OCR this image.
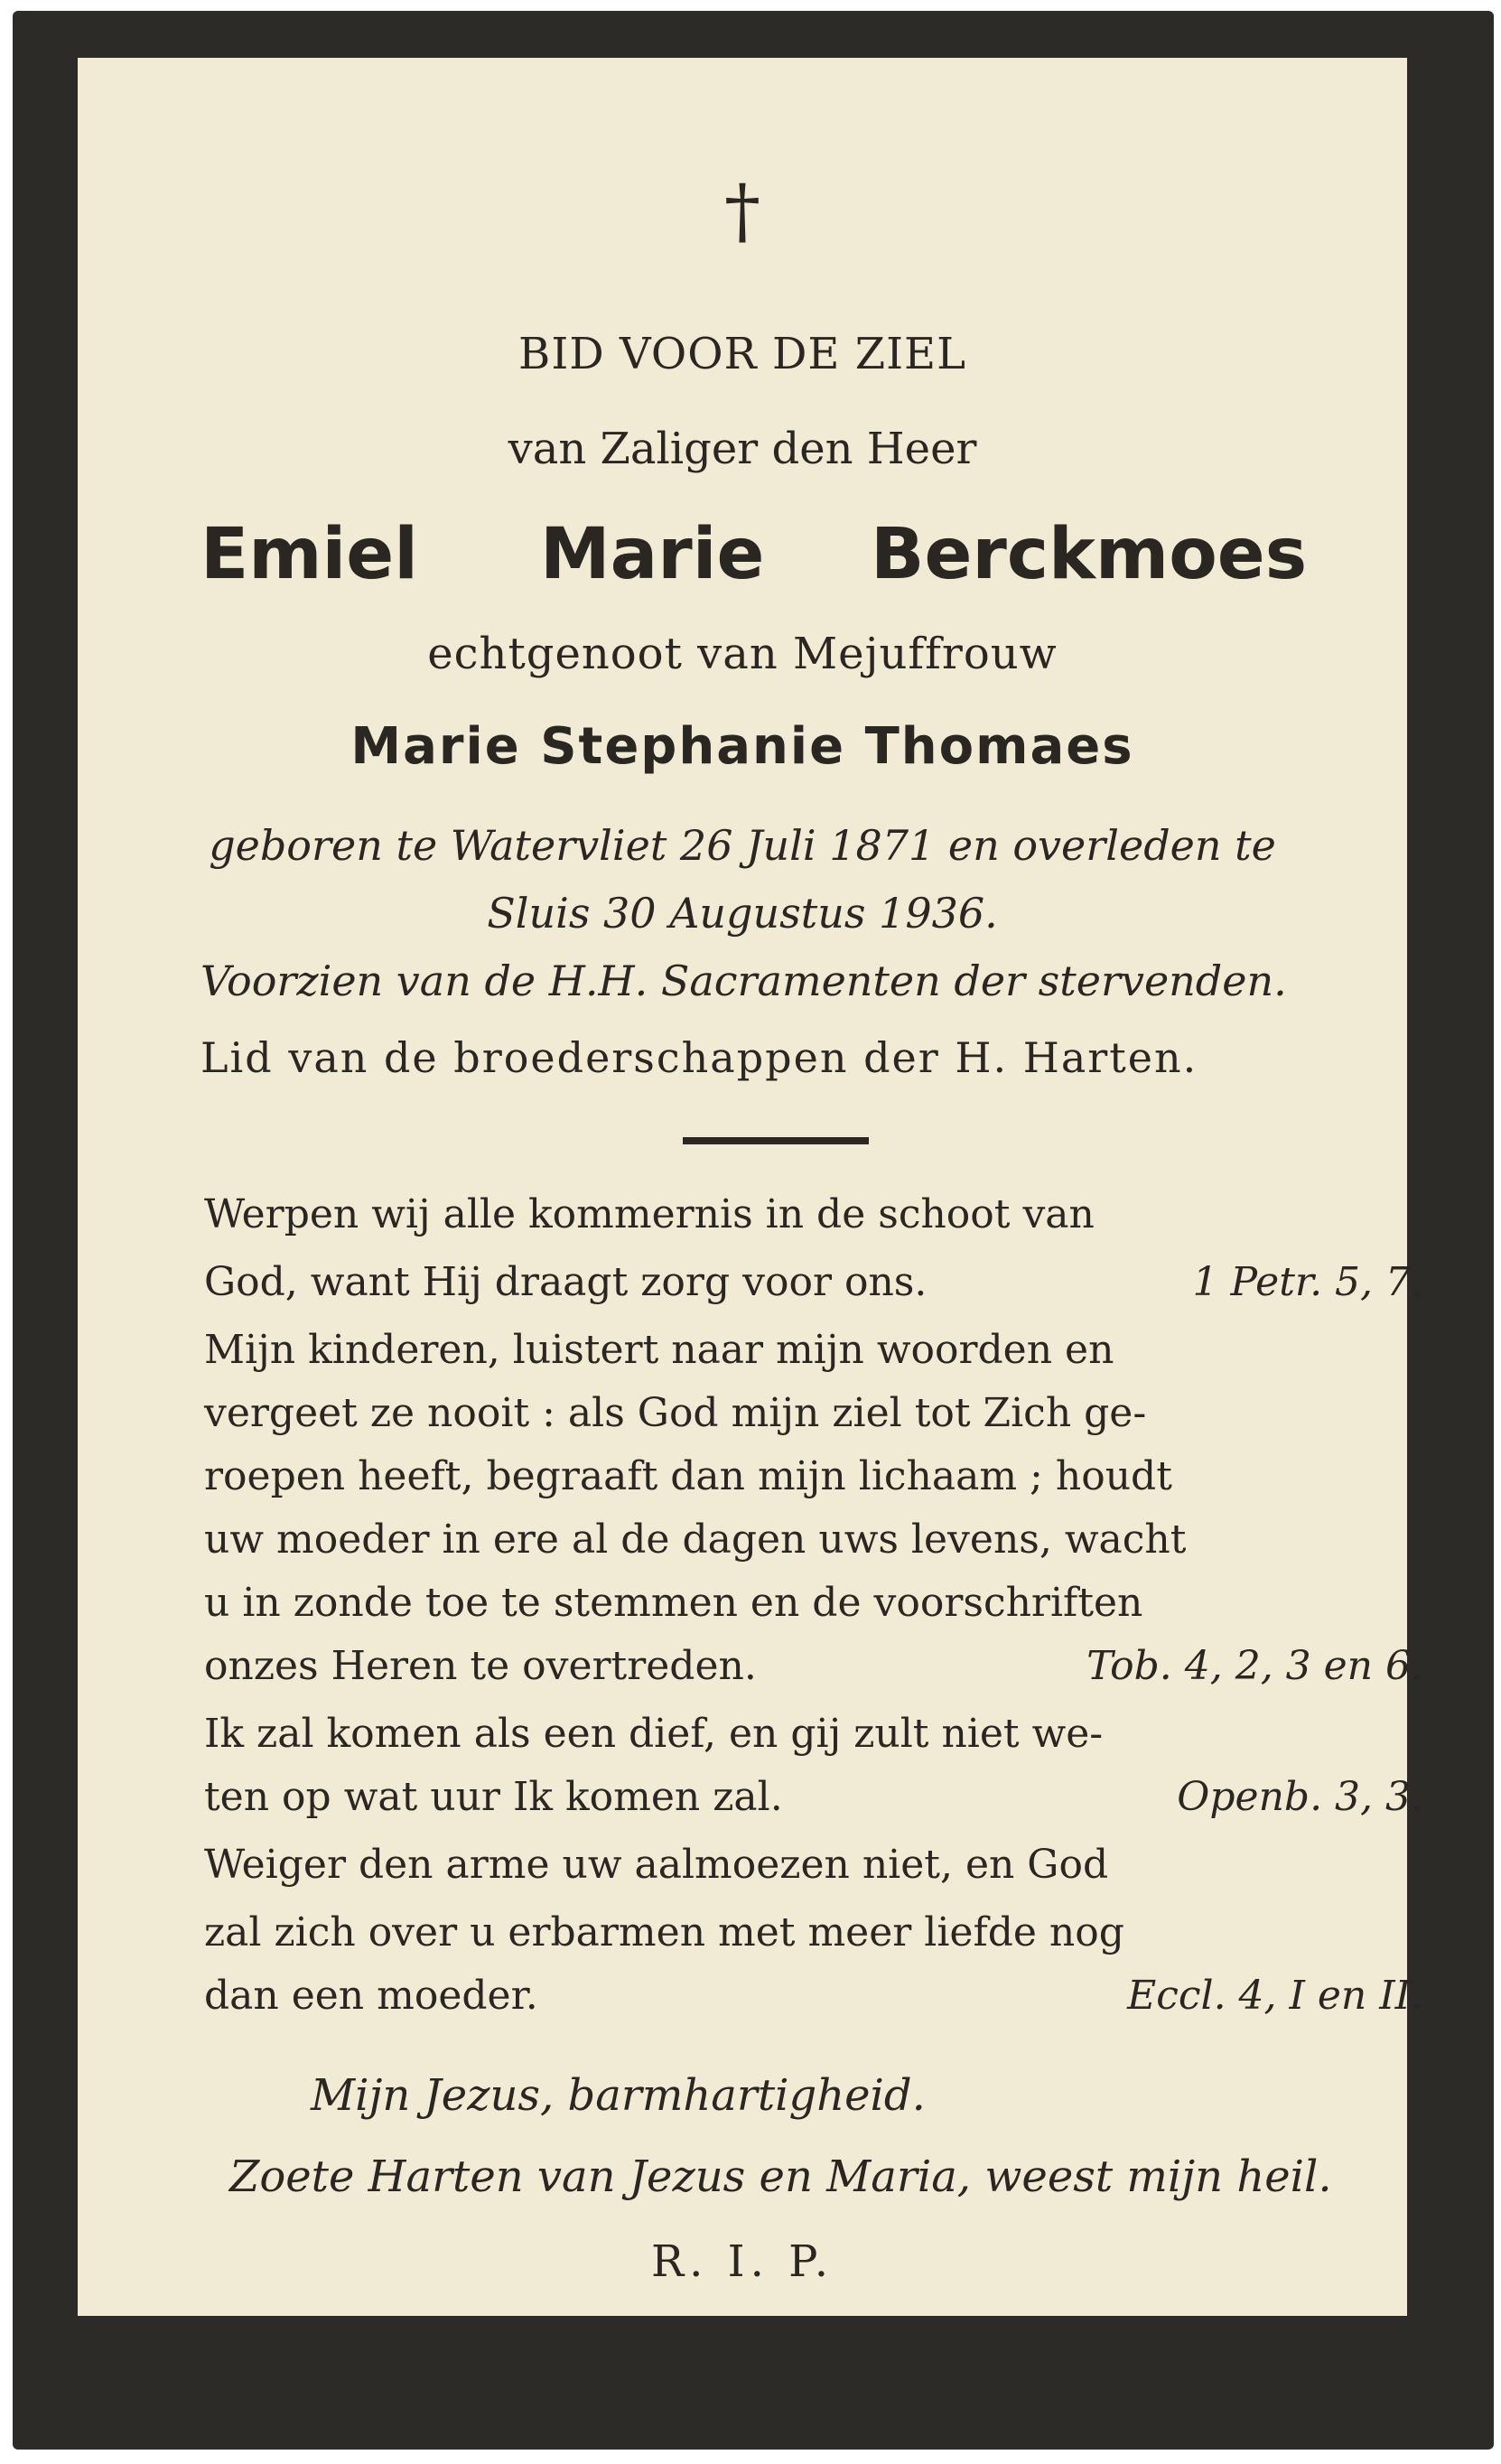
†
BID VOOR DE ZIEL
van Zaliger den Heer
Emiel Marie Berckmoes
echtgenoot van Mejuffrouw
Marie Stephanie Thomaes
geboren te Watervliet 26 Juli 1871 en overleden te
Sluis 30 Augustus 1936.
Voorzien van de H.H. Sacramenten der stervenden.
Lid van de broederschappen der H. Harten.
Werpen wij alle kommernis in de schoot van
God, want Hij draagt zorg voor ons.	1 Petr. 5, 7.
Mijn kinderen, luistert naar mijn woorden en
vergeet ze nooit : als God mijn ziel tot Zich ge-
roepen heeft, begraaft dan mijn lichaam ; houdt
uw moeder in ere al de dagen uws levens, wacht
u in zonde toe te stemmen en de voorschriften
onzes Heren te overtreden.	Tob. 4, 2, 3 en 6.
Ik zal komen als een dief, en gij zult niet we-
ten op wat uur Ik komen zal.	Openb. 3, 3.
Weiger den arme uw aalmoezen niet, en God
zal zich over u erbarmen met meer liefde nog
dan een moeder.	Eccl. 4, I en II.
Mijn Jezus, barmhartigheid.
Zoete Harten van Jezus en Maria, weest mijn heil.
R. I. P.
